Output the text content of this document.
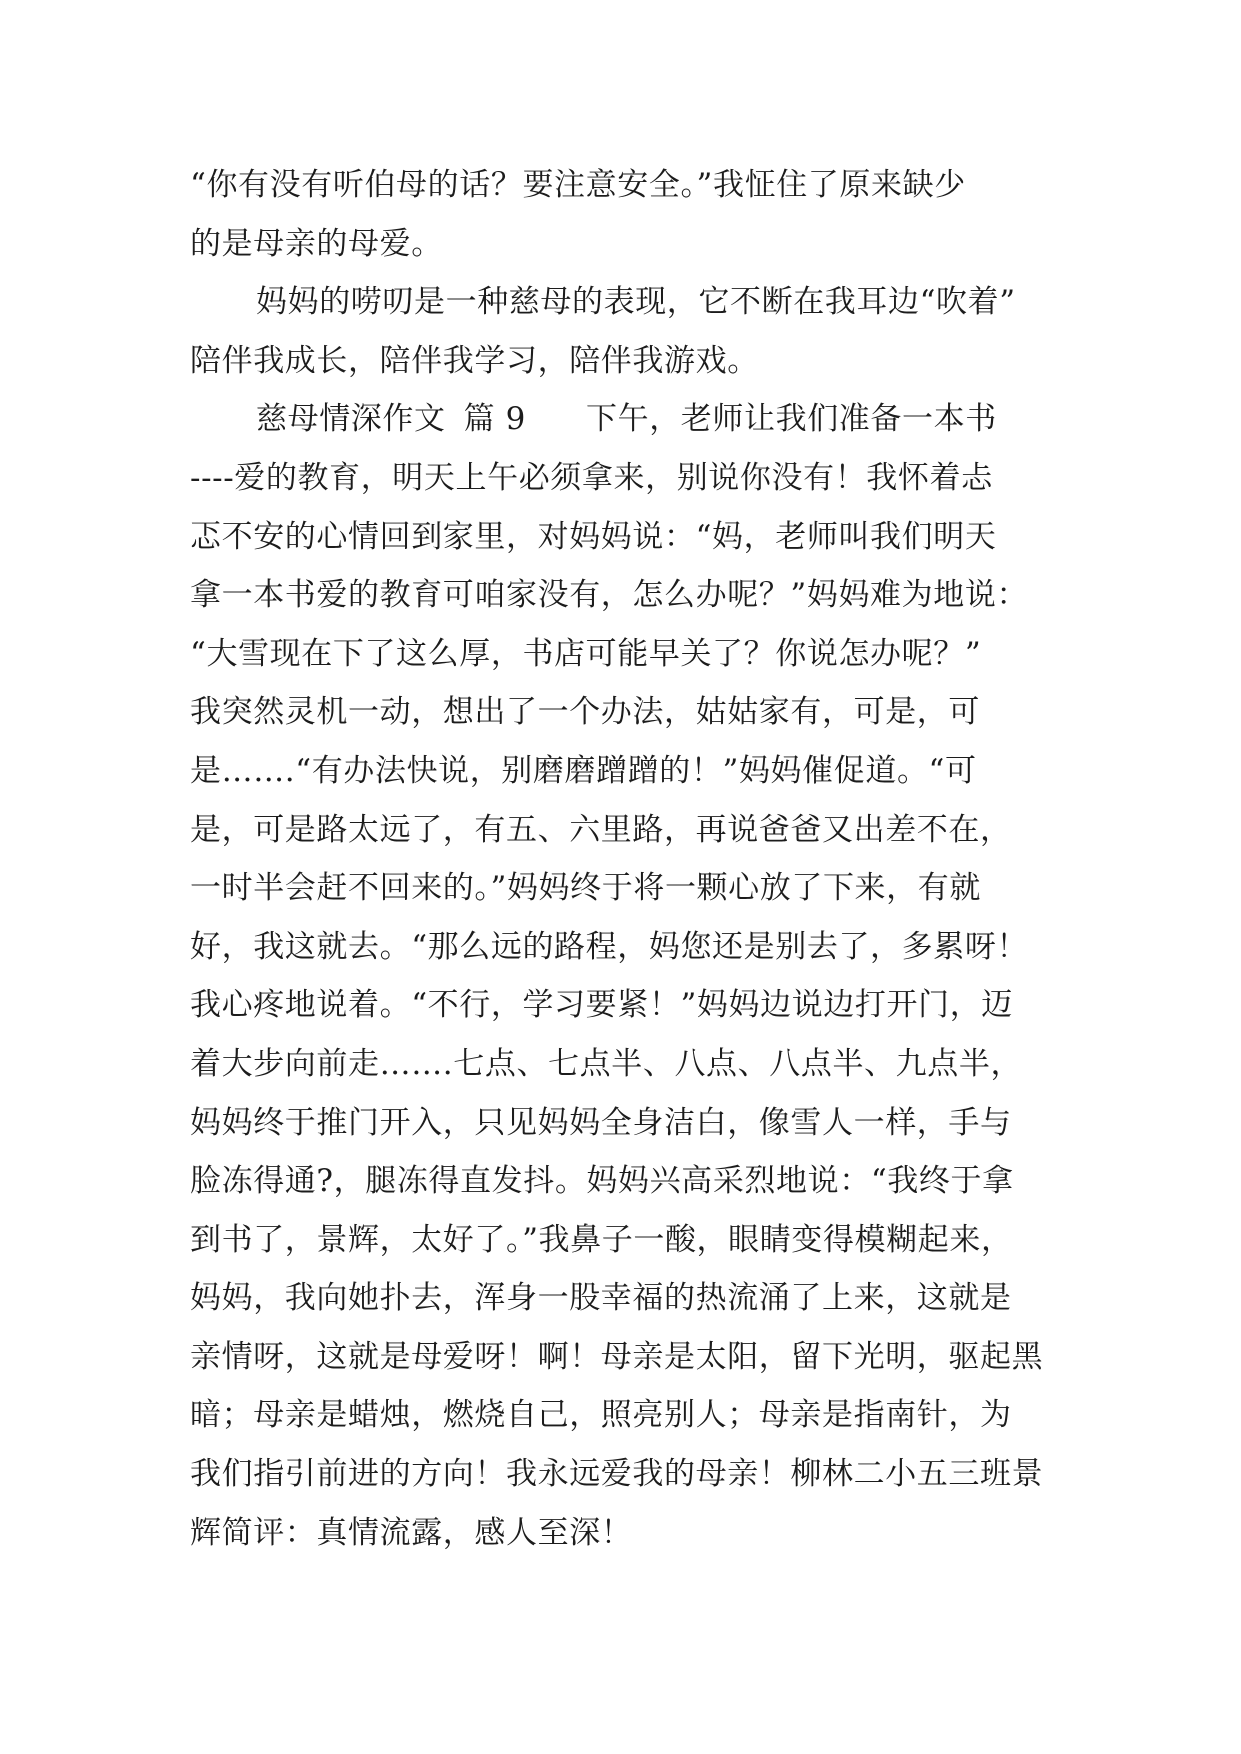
“你有没有听伯母的话？要注意安全。”我怔住了原来缺少
的是母亲的母爱。
妈妈的唠叨是一种慈母的表现，它不断在我耳边“吹着”
陪伴我成长，陪伴我学习，陪伴我游戏。
慈母情深作文 篇 9 下午，老师让我们准备一本书
----爱的教育，明天上午必须拿来，别说你没有！我怀着忐
忑不安的心情回到家里，对妈妈说：“妈，老师叫我们明天
拿一本书爱的教育可咱家没有，怎么办呢？”妈妈难为地说：
“大雪现在下了这么厚，书店可能早关了？你说怎办呢？”
我突然灵机一动，想出了一个办法，姑姑家有，可是，可
是…….“有办法快说，别磨磨蹭蹭的！”妈妈催促道。“可
是，可是路太远了，有五、六里路，再说爸爸又出差不在，
一时半会赶不回来的。”妈妈终于将一颗心放了下来，有就
好，我这就去。“那么远的路程，妈您还是别去了，多累呀！
我心疼地说着。“不行，学习要紧！”妈妈边说边打开门，迈
着大步向前走…….七点、七点半、八点、八点半、九点半，
妈妈终于推门开入，只见妈妈全身洁白，像雪人一样，手与
脸冻得通?，腿冻得直发抖。妈妈兴高采烈地说：“我终于拿
到书了，景辉，太好了。”我鼻子一酸，眼睛变得模糊起来，
妈妈，我向她扑去，浑身一股幸福的热流涌了上来，这就是
亲情呀，这就是母爱呀！啊！母亲是太阳，留下光明，驱起黑
暗；母亲是蜡烛，燃烧自己，照亮别人；母亲是指南针，为
我们指引前进的方向！我永远爱我的母亲！柳林二小五三班景
辉简评：真情流露，感人至深！
